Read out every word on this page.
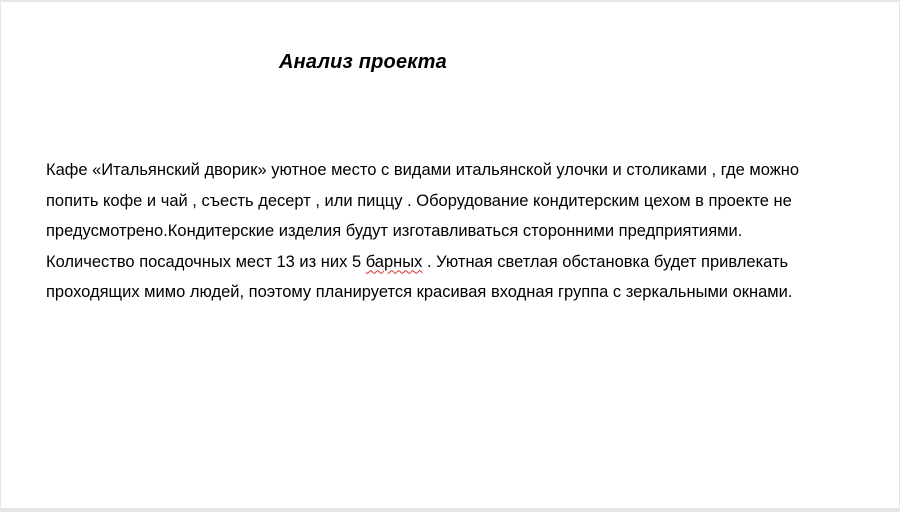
Анализ проекта

Кафе «Итальянский дворик» уютное место с видами итальянской улочки и столиками , где можно
попить кофе и чай , съесть десерт , или пиццу . Оборудование кондитерским цехом в проекте не
предусмотрено.Кондитерские изделия будут изготавливаться сторонними предприятиями.
Количество посадочных мест 13 из них 5 барных . Уютная светлая обстановка будет привлекать
проходящих мимо людей, поэтому планируется красивая входная группа с зеркальными окнами.
